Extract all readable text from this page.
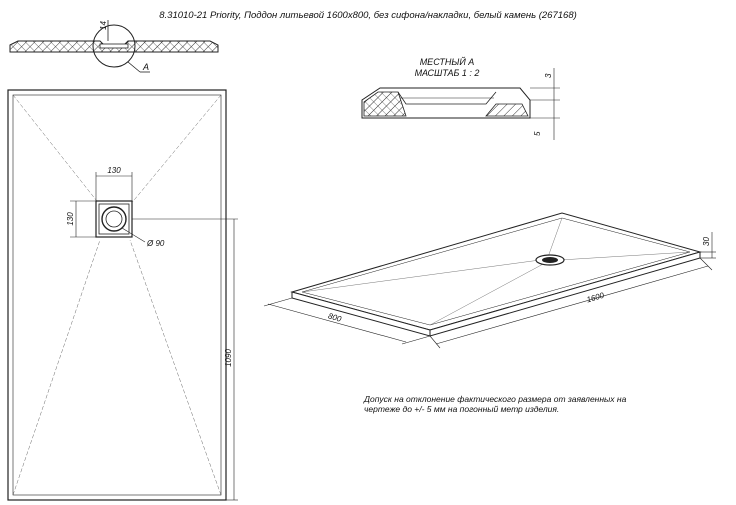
8.31010-21 Priority, Поддон литьевой 1600х800, без сифона/накладки, белый камень (267168)
14
А	МЕСТНЫЙ А
МАСШТАБ 1 : 2	3
5
130
130
Ø 90
1090
30
1600
800
Допуск на отклонение фактического размера от заявленных на
чертеже до +/- 5 мм на погонный метр изделия.
